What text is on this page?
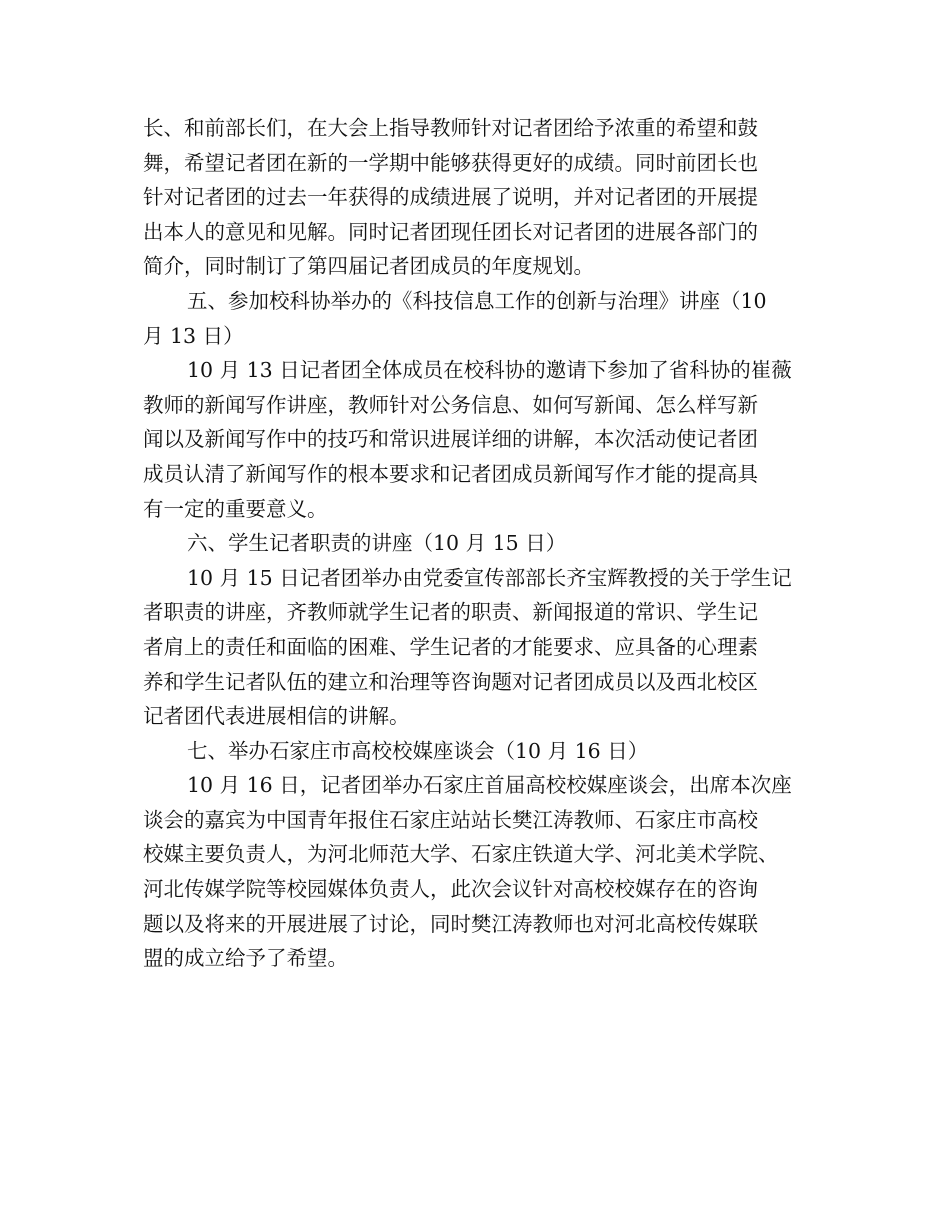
长、和前部长们，在大会上指导教师针对记者团给予浓重的希望和鼓
舞，希望记者团在新的一学期中能够获得更好的成绩。同时前团长也
针对记者团的过去一年获得的成绩进展了说明，并对记者团的开展提
出本人的意见和见解。同时记者团现任团长对记者团的进展各部门的
简介，同时制订了第四届记者团成员的年度规划。
五、参加校科协举办的《科技信息工作的创新与治理》讲座（10
月 13 日）
10 月 13 日记者团全体成员在校科协的邀请下参加了省科协的崔薇
教师的新闻写作讲座，教师针对公务信息、如何写新闻、怎么样写新
闻以及新闻写作中的技巧和常识进展详细的讲解，本次活动使记者团
成员认清了新闻写作的根本要求和记者团成员新闻写作才能的提高具
有一定的重要意义。
六、学生记者职责的讲座（10 月 15 日）
10 月 15 日记者团举办由党委宣传部部长齐宝辉教授的关于学生记
者职责的讲座，齐教师就学生记者的职责、新闻报道的常识、学生记
者肩上的责任和面临的困难、学生记者的才能要求、应具备的心理素
养和学生记者队伍的建立和治理等咨询题对记者团成员以及西北校区
记者团代表进展相信的讲解。
七、举办石家庄市高校校媒座谈会（10 月 16 日）
10 月 16 日，记者团举办石家庄首届高校校媒座谈会，出席本次座
谈会的嘉宾为中国青年报住石家庄站站长樊江涛教师、石家庄市高校
校媒主要负责人，为河北师范大学、石家庄铁道大学、河北美术学院、
河北传媒学院等校园媒体负责人，此次会议针对高校校媒存在的咨询
题以及将来的开展进展了讨论，同时樊江涛教师也对河北高校传媒联
盟的成立给予了希望。
